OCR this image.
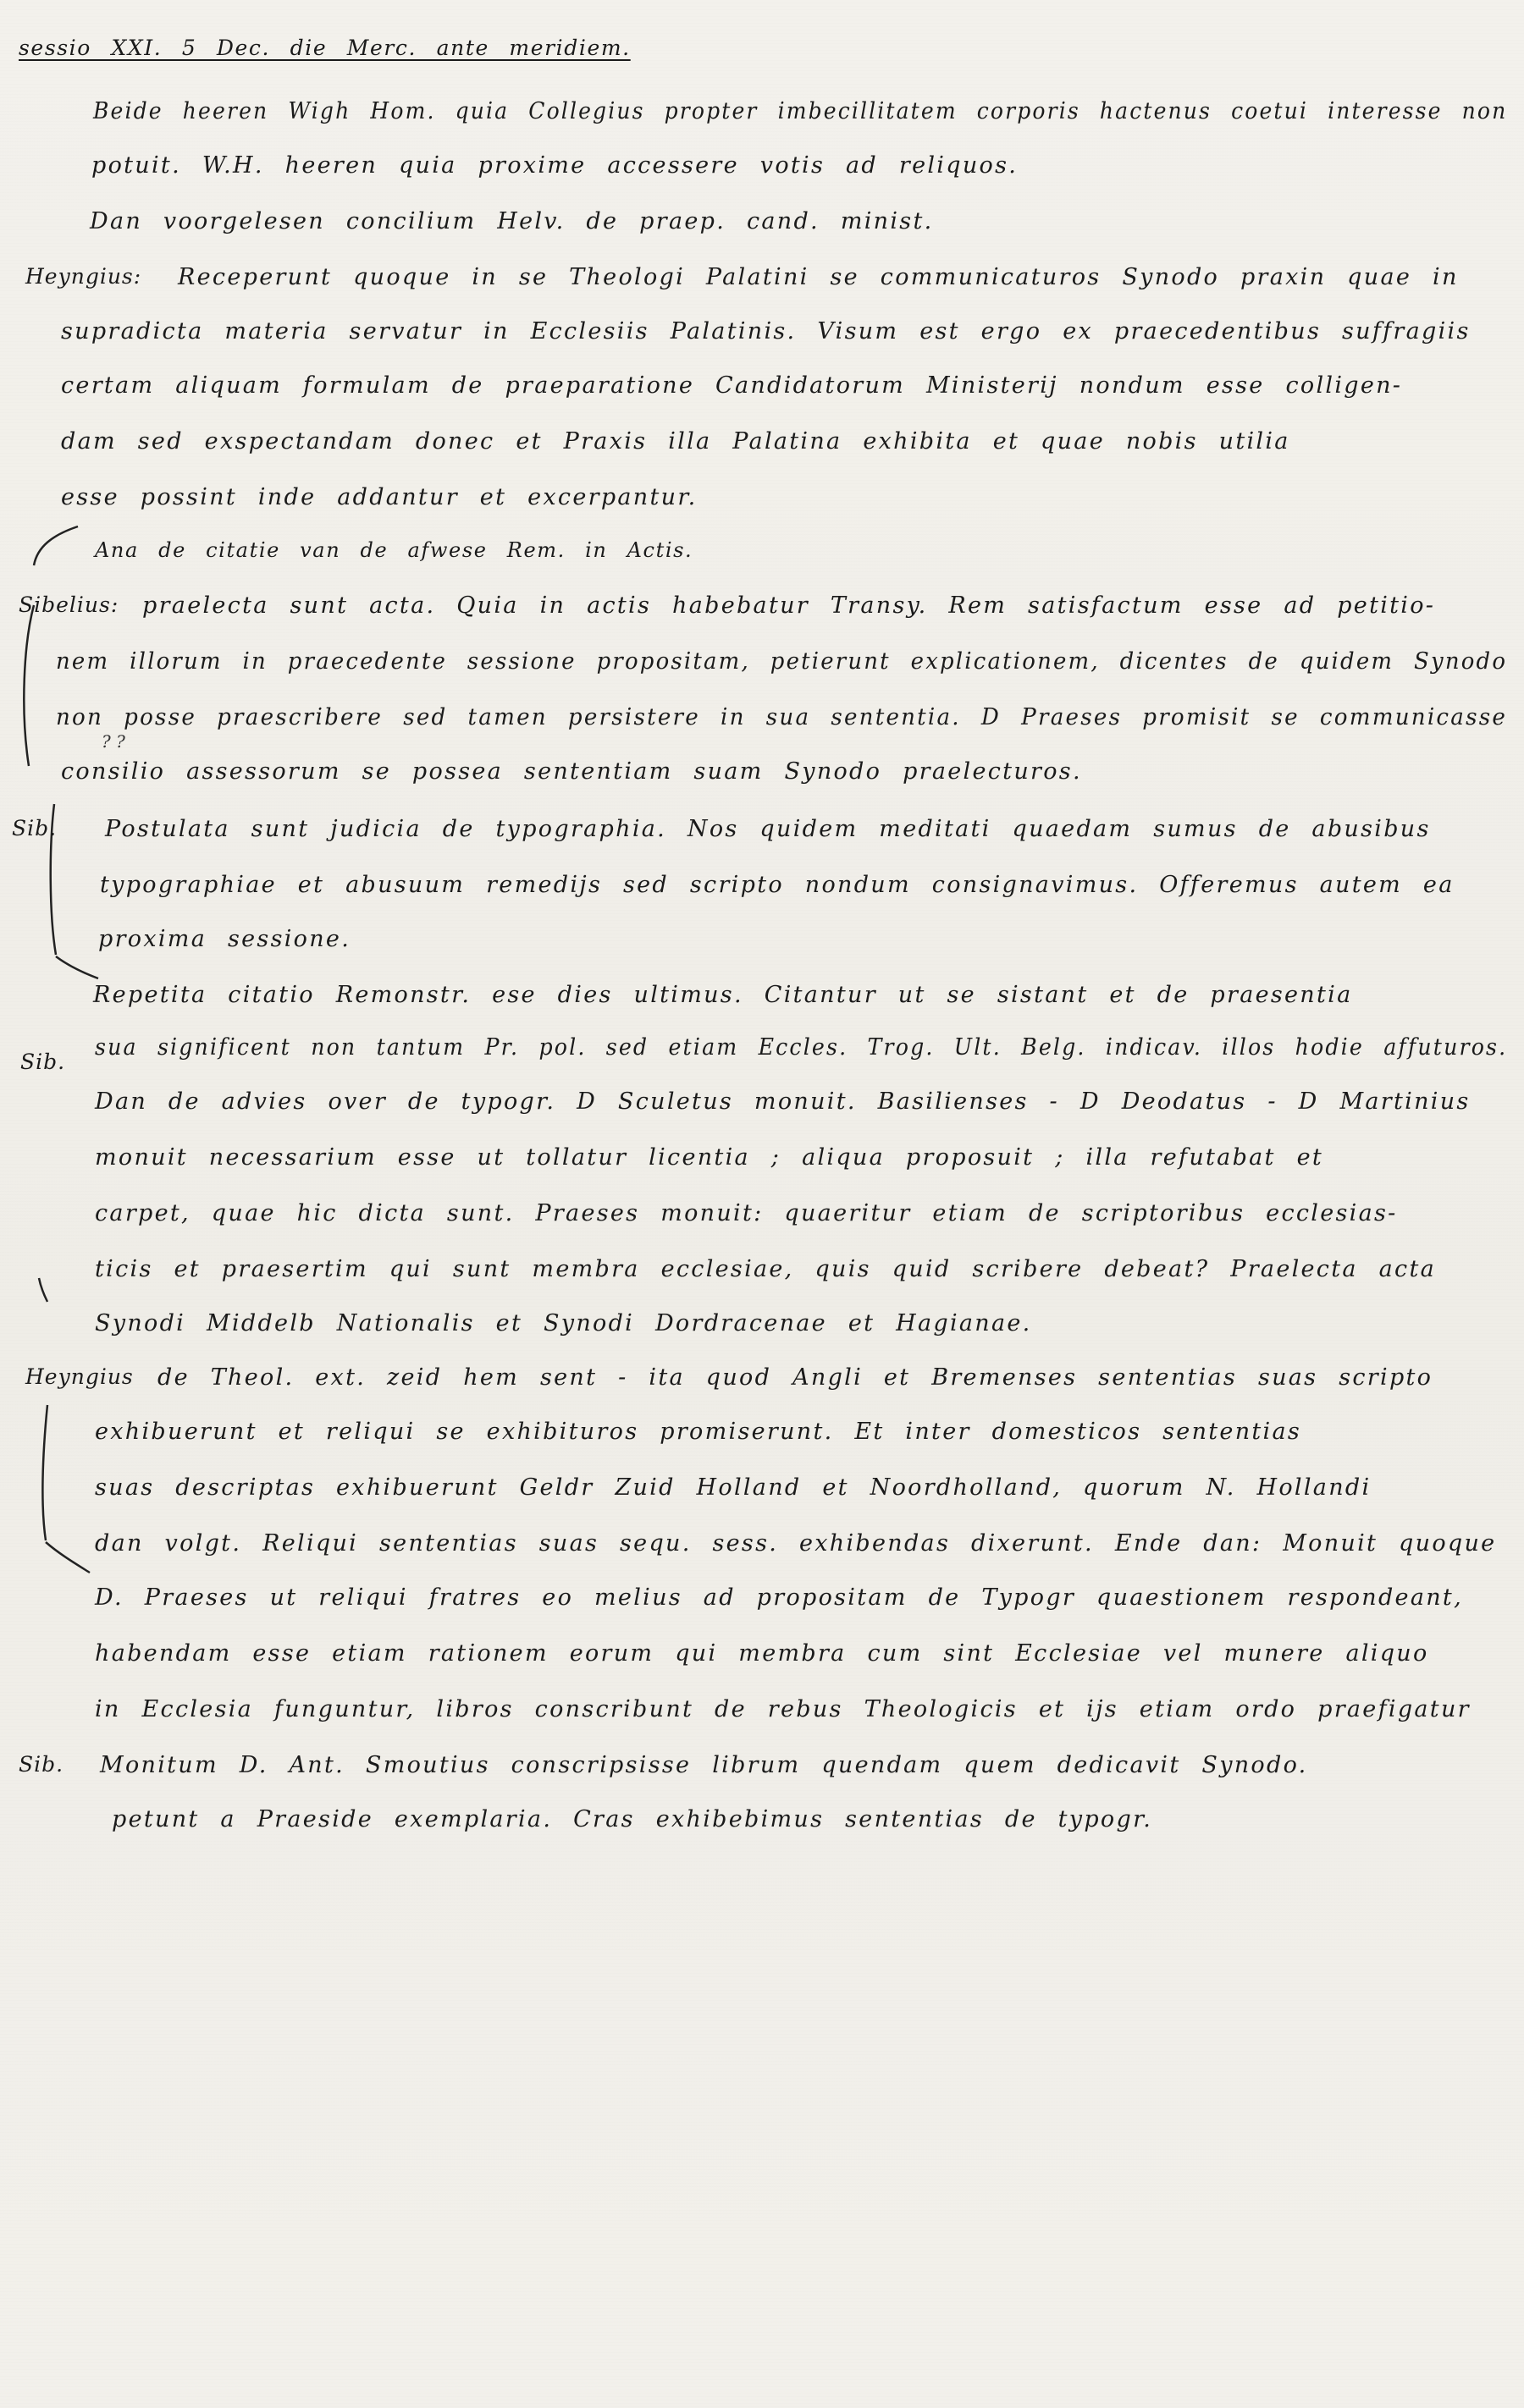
sessio XXI. 5 Dec. die Merc. ante meridiem.
Beide heeren Wigh Hom. quia Collegius propter imbecillitatem corporis hactenus coetui interesse non
potuit. W.H. heeren quia proxime accessere votis ad reliquos.
Dan voorgelesen concilium Helv. de praep. cand. minist.
Heyngius: Receperunt quoque in se Theologi Palatini se communicaturos Synodo praxin quae in
supradicta materia servatur in Ecclesiis Palatinis. Visum est ergo ex praecedentibus suffragiis
certam aliquam formulam de praeparatione Candidatorum Ministerij nondum esse colligen-
dam sed exspectandam donec et Praxis illa Palatina exhibita et quae nobis utilia
esse possint inde addantur et excerpantur.
Ana de citatie van de afwese Rem. in Actis.
Sibelius: praelecta sunt acta. Quia in actis habebatur Transy. Rem satisfactum esse ad petitio-
nem illorum in praecedente sessione propositam, petierunt explicationem, dicentes de quidem Synodo
non posse praescribere sed tamen persistere in sua sententia. D Praeses promisit se communicasse
? ?
consilio assessorum se possea sententiam suam Synodo praelecturos.
Sib. Postulata sunt judicia de typographia. Nos quidem meditati quaedam sumus de abusibus
typographiae et abusuum remedijs sed scripto nondum consignavimus. Offeremus autem ea
proxima sessione.
Repetita citatio Remonstr. ese dies ultimus. Citantur ut se sistant et de praesentia
Sib.
sua significent non tantum Pr. pol. sed etiam Eccles. Trog. Ult. Belg. indicav. illos hodie affuturos.
Dan de advies over de typogr. D Sculetus monuit. Basilienses - D Deodatus - D Martinius
monuit necessarium esse ut tollatur licentia ; aliqua proposuit ; illa refutabat et
carpet, quae hic dicta sunt. Praeses monuit: quaeritur etiam de scriptoribus ecclesias-
ticis et praesertim qui sunt membra ecclesiae, quis quid scribere debeat? Praelecta acta
Synodi Middelb Nationalis et Synodi Dordracenae et Hagianae.
Heyngius de Theol. ext. zeid hem sent - ita quod Angli et Bremenses sententias suas scripto
exhibuerunt et reliqui se exhibituros promiserunt. Et inter domesticos sententias
suas descriptas exhibuerunt Geldr Zuid Holland et Noordholland, quorum N. Hollandi
dan volgt. Reliqui sententias suas sequ. sess. exhibendas dixerunt. Ende dan: Monuit quoque
D. Praeses ut reliqui fratres eo melius ad propositam de Typogr quaestionem respondeant,
habendam esse etiam rationem eorum qui membra cum sint Ecclesiae vel munere aliquo
in Ecclesia funguntur, libros conscribunt de rebus Theologicis et ijs etiam ordo praefigatur
Sib. Monitum D. Ant. Smoutius conscripsisse librum quendam quem dedicavit Synodo.
petunt a Praeside exemplaria. Cras exhibebimus sententias de typogr.
